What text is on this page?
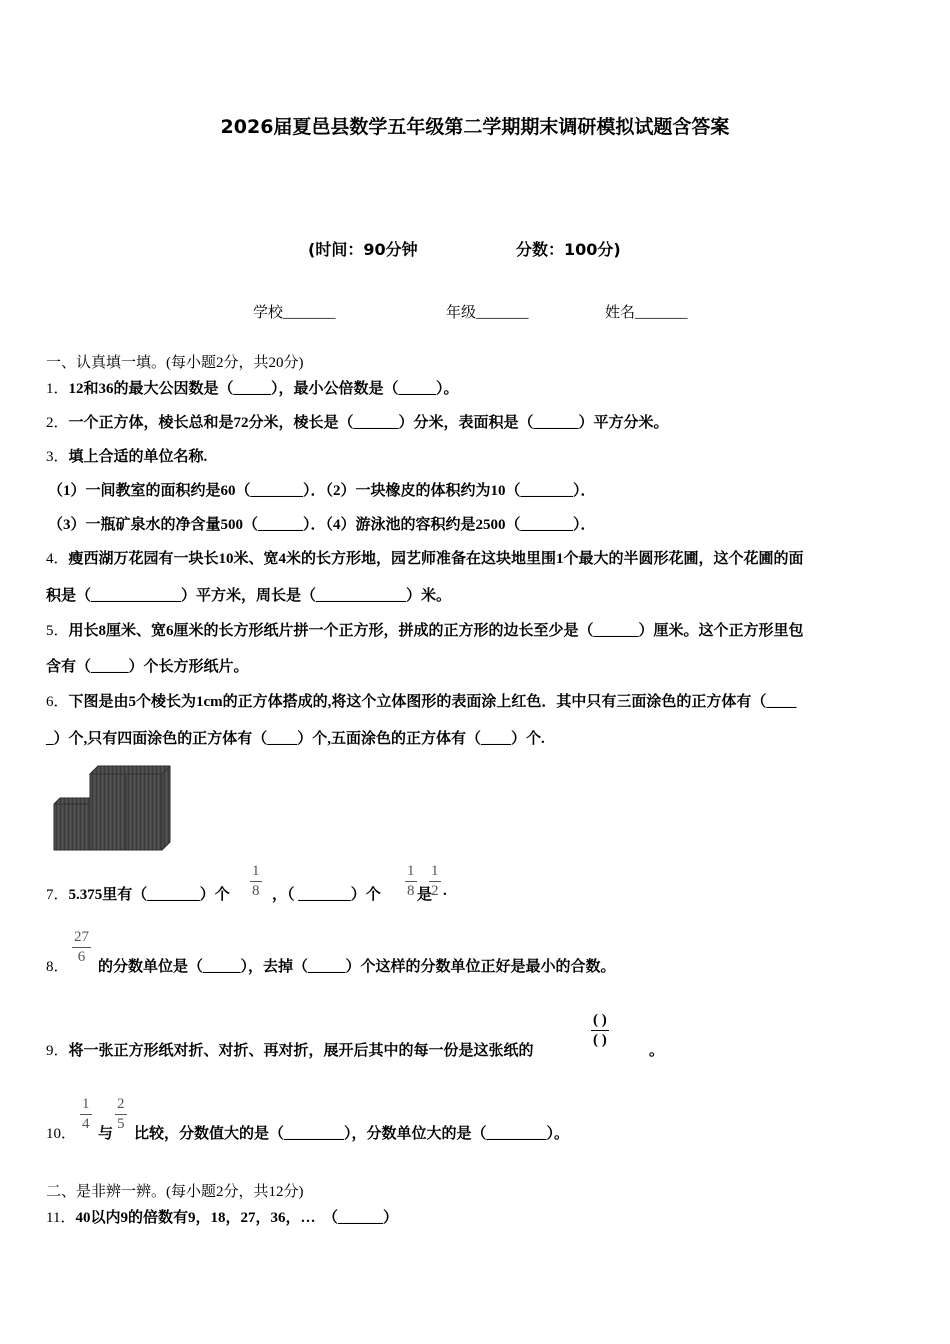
2026届夏邑县数学五年级第二学期期末调研模拟试题含答案
(时间：90分钟	分数：100分)
学校_______	年级_______	姓名_______
一、认真填一填。(每小题2分，共20分)
1．12和36的最大公因数是（_____），最小公倍数是（_____）。
2．一个正方体，棱长总和是72分米，棱长是（______）分米，表面积是（______）平方分米。
3．填上合适的单位名称.
（1）一间教室的面积约是60（_______）．（2）一块橡皮的体积约为10（_______）．
（3）一瓶矿泉水的净含量500（______）．（4）游泳池的容积约是2500（_______）．
4．瘦西湖万花园有一块长10米、宽4米的长方形地，园艺师准备在这块地里围1个最大的半圆形花圃，这个花圃的面
积是（____________）平方米，周长是（____________）米。
5．用长8厘米、宽6厘米的长方形纸片拼一个正方形，拼成的正方形的边长至少是（______）厘米。这个正方形里包
含有（_____）个长方形纸片。
6．下图是由5个棱长为1cm的正方体搭成的,将这个立体图形的表面涂上红色．其中只有三面涂色的正方体有（____
_）个,只有四面涂色的正方体有（____）个,五面涂色的正方体有（____）个.
7．5.375里有（_______）个
1
8 ，（ _______）个
1
8 是
1
2 .
8．
27
6
的分数单位是（_____），去掉（_____）个这样的分数单位正好是最小的合数。
9．将一张正方形纸对折、对折、再对折，展开后其中的每一份是这张纸的
( )
( )
。
10．
1
4
与
2
5
比较，分数值大的是（________），分数单位大的是（________）。
二、是非辨一辨。(每小题2分，共12分)
11．40以内9的倍数有9，18，27，36，…　（______）
